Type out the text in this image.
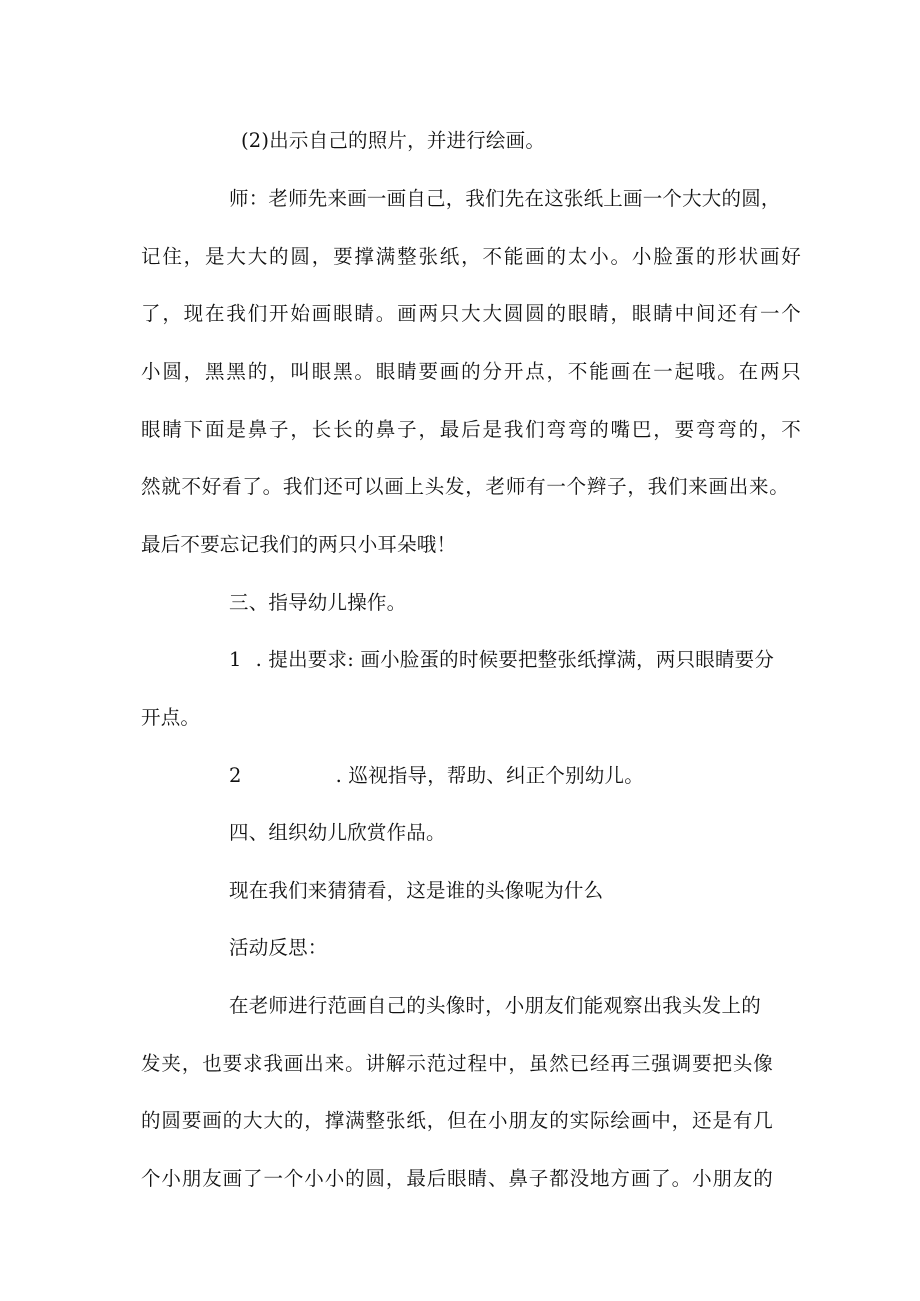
(2)出示自己的照片，并进行绘画。
师：老师先来画一画自己，我们先在这张纸上画一个大大的圆，
记住，是大大的圆，要撑满整张纸，不能画的太小。小脸蛋的形状画好
了，现在我们开始画眼睛。画两只大大圆圆的眼睛，眼睛中间还有一个
小圆，黑黑的，叫眼黑。眼睛要画的分开点，不能画在一起哦。在两只
眼睛下面是鼻子，长长的鼻子，最后是我们弯弯的嘴巴，要弯弯的，不
然就不好看了。我们还可以画上头发，老师有一个辫子，我们来画出来。
最后不要忘记我们的两只小耳朵哦！
三、指导幼儿操作。
1 . 提出要求: 画小脸蛋的时候要把整张纸撑满，两只眼睛要分
开点。
2	. 巡视指导，帮助、纠正个别幼儿。
四、组织幼儿欣赏作品。
现在我们来猜猜看，这是谁的头像呢为什么
活动反思：
在老师进行范画自己的头像时，小朋友们能观察出我头发上的
发夹，也要求我画出来。讲解示范过程中，虽然已经再三强调要把头像
的圆要画的大大的，撑满整张纸，但在小朋友的实际绘画中，还是有几
个小朋友画了一个小小的圆，最后眼睛、鼻子都没地方画了。小朋友的
